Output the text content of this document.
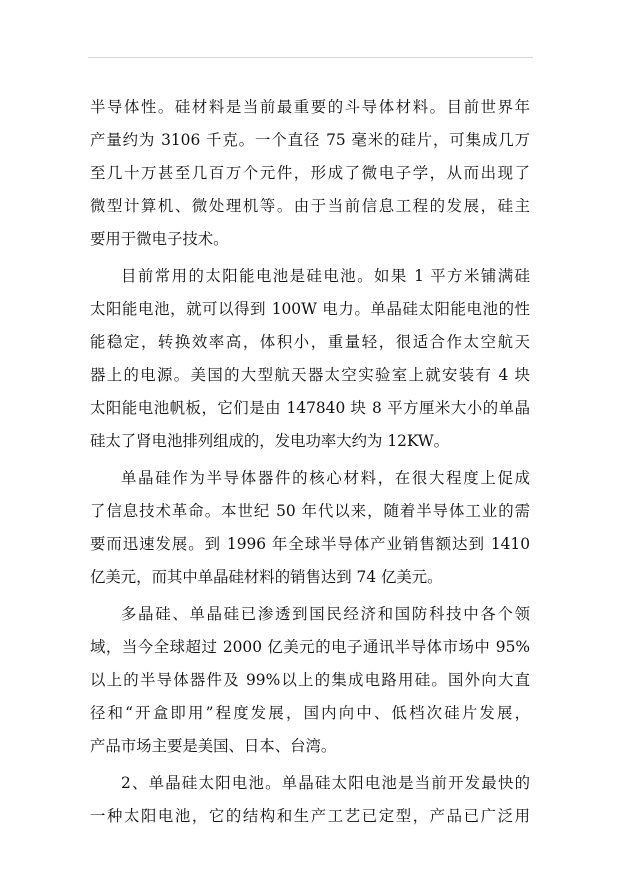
半导体性。硅材料是当前最重要的斗导体材料。目前世界年
产量约为 3106 千克。一个直径 75 毫米的硅片，可集成几万
至几十万甚至几百万个元件，形成了微电子学，从而出现了
微型计算机、微处理机等。由于当前信息工程的发展，硅主
要用于微电子技术。
目前常用的太阳能电池是硅电池。如果 1 平方米铺满硅
太阳能电池，就可以得到 100W 电力。单晶硅太阳能电池的性
能稳定，转换效率高，体积小，重量轻，很适合作太空航天
器上的电源。美国的大型航天器太空实验室上就安装有 4 块
太阳能电池帆板，它们是由 147840 块 8 平方厘米大小的单晶
硅太了肾电池排列组成的，发电功率大约为 12KW。
单晶硅作为半导体器件的核心材料，在很大程度上促成
了信息技术革命。本世纪 50 年代以来，随着半导体工业的需
要而迅速发展。到 1996 年全球半导体产业销售额达到 1410
亿美元，而其中单晶硅材料的销售达到 74 亿美元。
多晶硅、单晶硅已渗透到国民经济和国防科技中各个领
域，当今全球超过 2000 亿美元的电子通讯半导体市场中 95%
以上的半导体器件及 99%以上的集成电路用硅。国外向大直
径和“开盒即用”程度发展，国内向中、低档次硅片发展，
产品市场主要是美国、日本、台湾。
2、单晶硅太阳电池。单晶硅太阳电池是当前开发最快的
一种太阳电池，它的结构和生产工艺已定型，产品已广泛用
